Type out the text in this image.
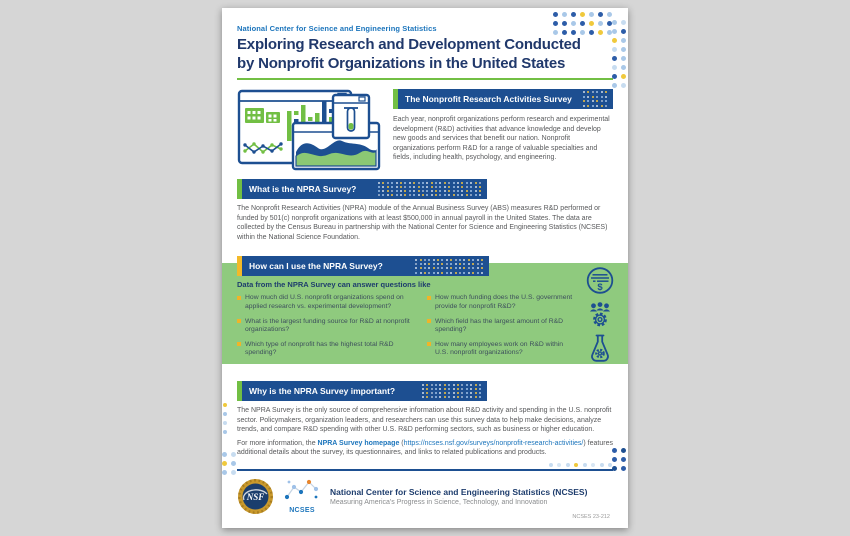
National Center for Science and Engineering Statistics
Exploring Research and Development Conducted
by Nonprofit Organizations in the United States
The Nonprofit Research Activities Survey

Each year, nonprofit organizations perform research and experimental development (R&D) activities that advance knowledge and develop new goods and services that benefit our nation. Nonprofit organizations perform R&D for a range of valuable specialties and fields, including health, psychology, and engineering.

What is the NPRA Survey?

The Nonprofit Research Activities (NPRA) module of the Annual Business Survey (ABS) measures R&D performed or funded by 501(c) nonprofit organizations with at least $500,000 in annual payroll in the United States. The data are collected by the Census Bureau in partnership with the National Center for Science and Engineering Statistics (NCSES) within the National Science Foundation.

How can I use the NPRA Survey?
Data from the NPRA Survey can answer questions like
How much did U.S. nonprofit organizations spend on applied research vs. experimental development?
What is the largest funding source for R&D at nonprofit organizations?
Which type of nonprofit has the highest total R&D spending?
How much funding does the U.S. government provide for nonprofit R&D?
Which field has the largest amount of R&D spending?
How many employees work on R&D within U.S. nonprofit organizations?
$
Why is the NPRA Survey important?

The NPRA Survey is the only source of comprehensive information about R&D activity and spending in the U.S. nonprofit sector. Policymakers, organization leaders, and researchers can use this survey data to help make decisions, analyze trends, and compare R&D spending with other U.S. R&D performing sectors, such as business or higher education.

For more information, the NPRA Survey homepage (https://ncses.nsf.gov/surveys/nonprofit-research-activities/) features additional details about the survey, its questionnaires, and links to related publications and products.

NSF
NCSES
National Center for Science and Engineering Statistics (NCSES)
Measuring America's Progress in Science, Technology, and Innovation
NCSES 23-212
